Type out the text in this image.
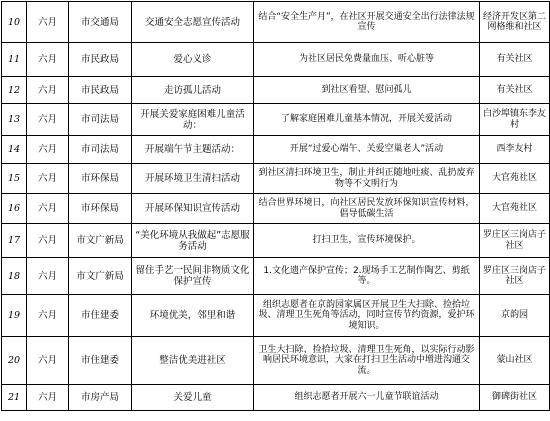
10	六月	市交通局	交通安全志愿宣传活动	结合“安全生产月”，在社区开展交通安全出行法律法规宣传	经济开发区第二网格维和社区
11	六月	市民政局	爱心义诊	为社区居民免费量血压、听心脏等	有关社区
12	六月	市民政局	走访孤儿活动	到社区看望、慰问孤儿	有关社区
13	六月	市司法局	开展关爱家庭困难儿童活动：	了解家庭困难儿童基本情况，开展关爱活动	白沙埠镇东李友村
14	六月	市司法局	开展端午节主题活动：	开展“过爱心端午、关爱空巢老人”活动	西李友村
15	六月	市环保局	开展环境卫生清扫活动	到社区清扫环境卫生，制止并纠正随地吐痰、乱扔废弃物等不文明行为	大官苑社区
16	六月	市环保局	开展环保知识宣传活动	结合世界环境日，向社区居民发放环保知识宣传材料，倡导低碳生活	大官苑社区
17	六月	市文广新局	“美化环境从我做起”志愿服务活动	打扫卫生，宣传环境保护。	罗庄区三岗店子社区
18	六月	市文广新局	留住手艺一民间非物质文化保护宣传	1.文化遗产保护宣传；2.现场手工艺制作陶艺、剪纸等。	罗庄区三岗店子社区
19	六月	市住建委	环境优美，邻里和谐	组织志愿者在京韵园家属区开展卫生大扫除、捡拾垃圾、清理卫生死角等活动，同时宣传节约资源，爱护环境知识。	京韵园
20	六月	市住建委	整洁优美进社区	卫生大扫除、捡拾垃圾、清理卫生死角，以实际行动影响居民环境意识，大家在打扫卫生活动中增进沟通交流。	蒙山社区
21	六月	市房产局	关爱儿童	组织志愿者开展六一儿童节联谊活动	御碑街社区
